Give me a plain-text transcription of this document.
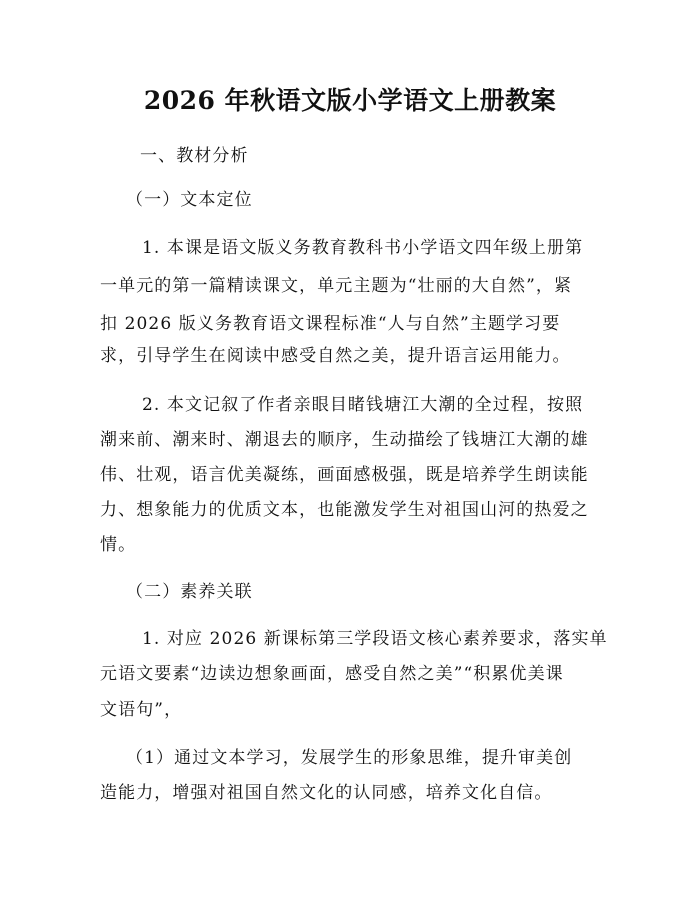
2026 年秋语文版小学语文上册教案

一、教材分析

（一）文本定位

1. 本课是语文版义务教育教科书小学语文四年级上册第

一单元的第一篇精读课文，单元主题为“壮丽的大自然”，紧

扣 2026 版义务教育语文课程标准“人与自然”主题学习要

求，引导学生在阅读中感受自然之美，提升语言运用能力。

2. 本文记叙了作者亲眼目睹钱塘江大潮的全过程，按照

潮来前、潮来时、潮退去的顺序，生动描绘了钱塘江大潮的雄

伟、壮观，语言优美凝练，画面感极强，既是培养学生朗读能

力、想象能力的优质文本，也能激发学生对祖国山河的热爱之

情。

（二）素养关联

1. 对应 2026 新课标第三学段语文核心素养要求，落实单

元语文要素“边读边想象画面，感受自然之美”“积累优美课

文语句”，

（1）通过文本学习，发展学生的形象思维，提升审美创

造能力，增强对祖国自然文化的认同感，培养文化自信。
